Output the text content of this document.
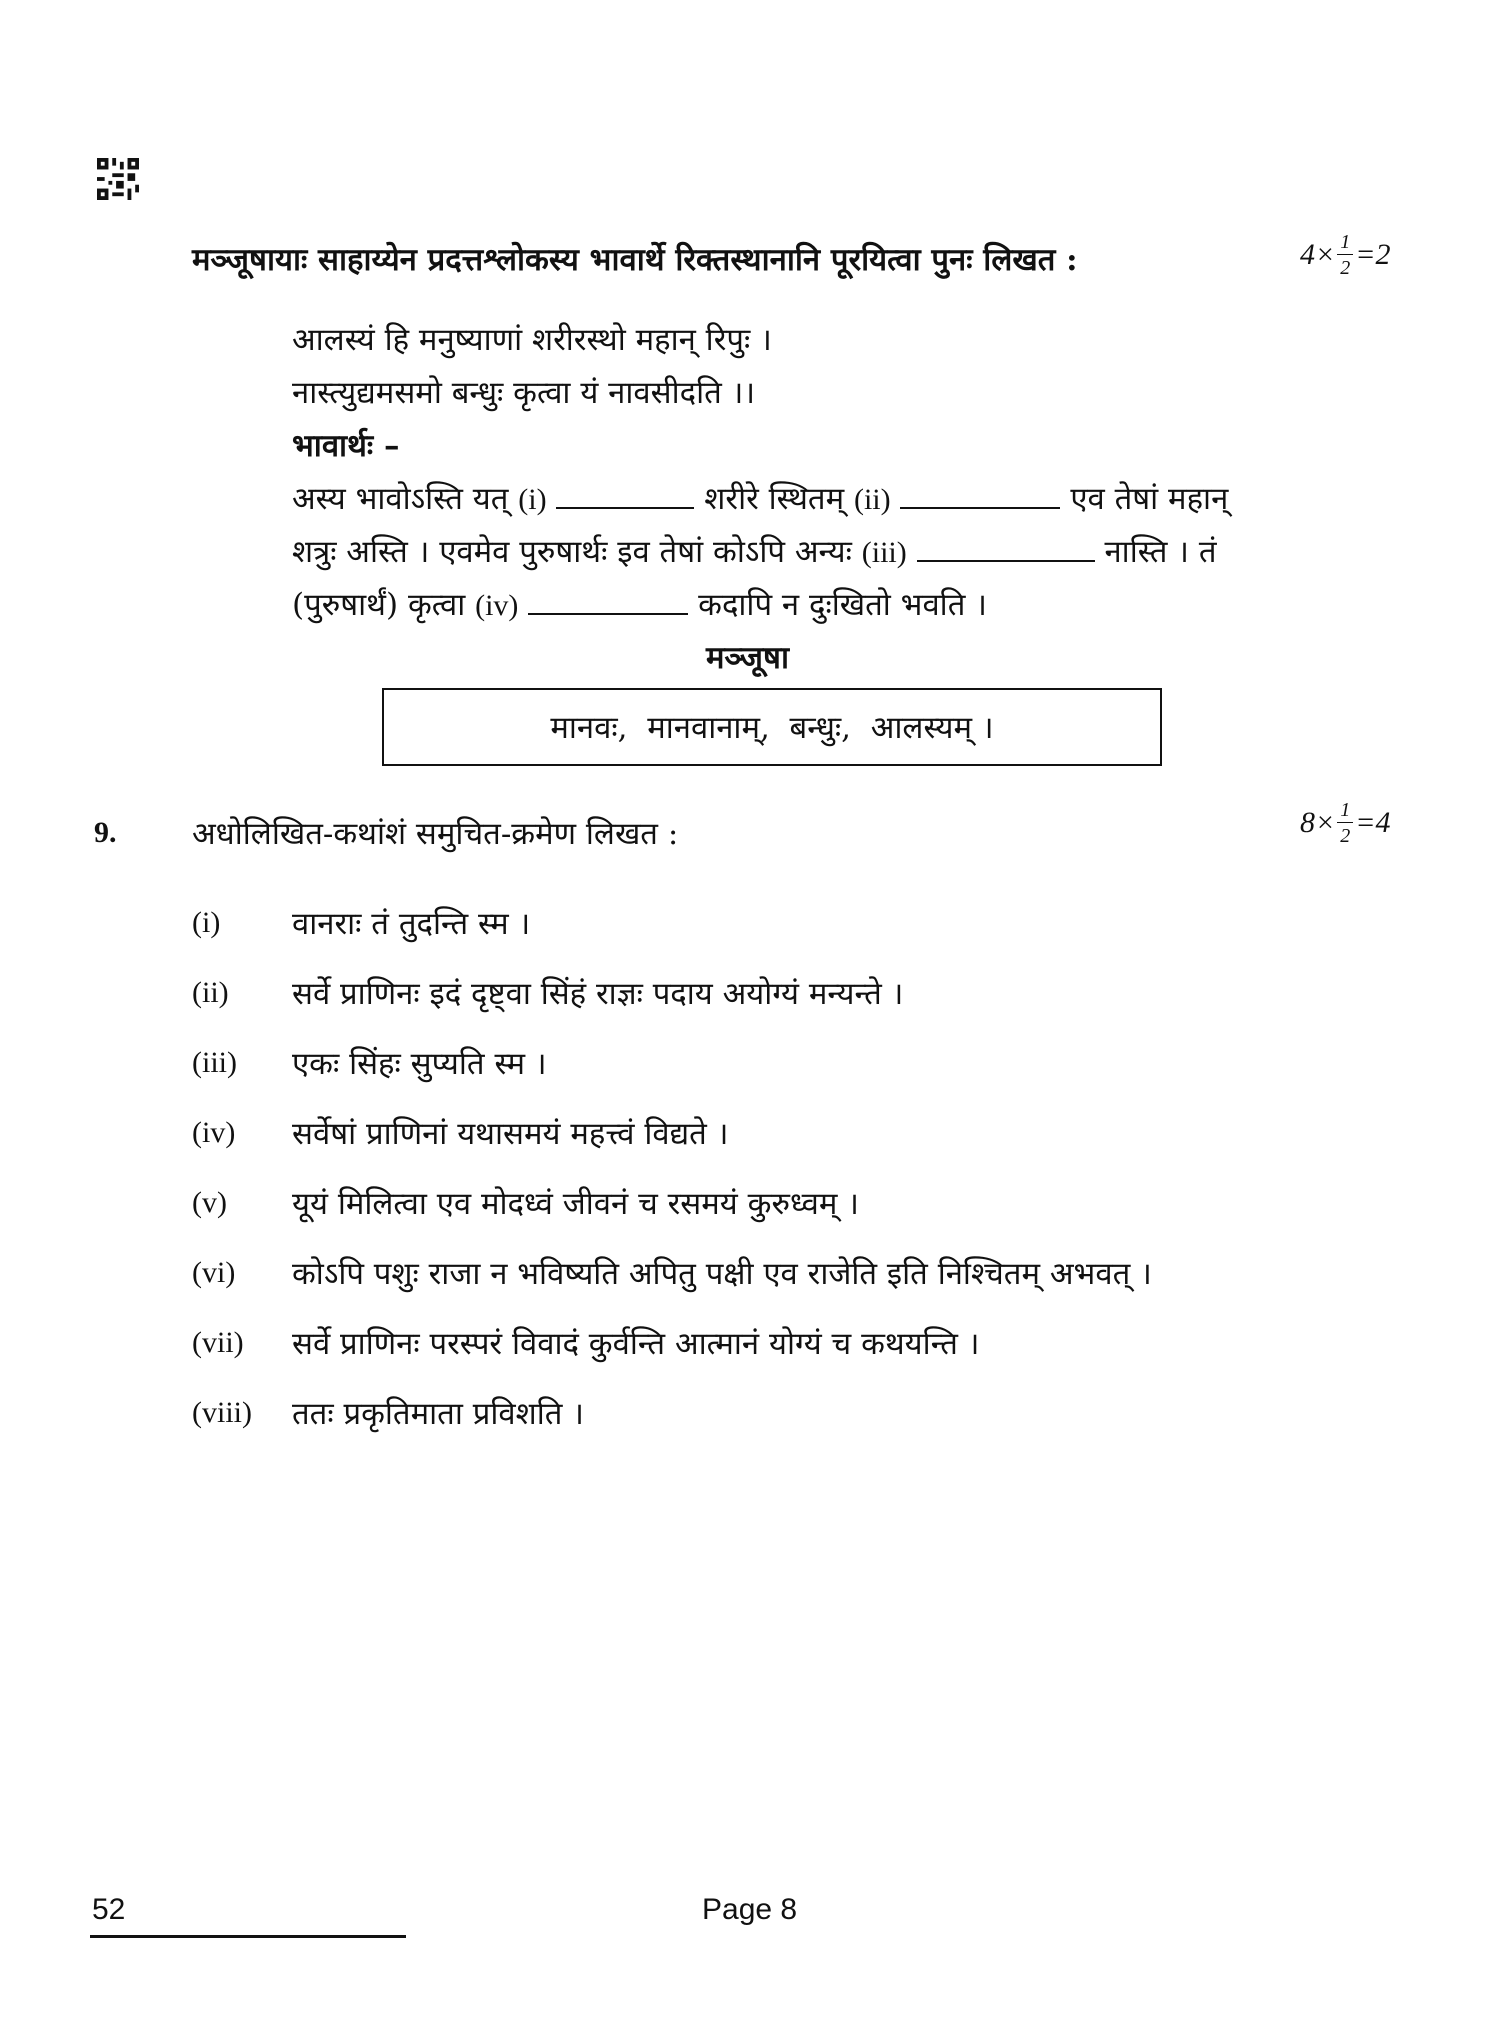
मञ्जूषायाः साहाय्येन प्रदत्तश्लोकस्य भावार्थे रिक्तस्थानानि पूरयित्वा पुनः लिखत :	$4\times \frac{1}{2} =2$
आलस्यं हि मनुष्याणां शरीरस्थो महान् रिपुः ।
नास्त्युद्यमसमो बन्धुः कृत्वा यं नावसीदति ।।
भावार्थः –
अस्य भावोऽस्ति यत् (i)	शरीरे स्थितम् (ii)	एव तेषां महान्
शत्रुः अस्ति । एवमेव पुरुषार्थः इव तेषां कोऽपि अन्यः (iii)	नास्ति । तं
(पुरुषार्थं) कृत्वा (iv)	कदापि न दुःखितो भवति ।
मञ्जूषा
मानवः,  मानवानाम्,  बन्धुः,  आलस्यम् ।
9. अधोलिखित-कथांशं समुचित-क्रमेण लिखत :	$8\times \frac{1}{2} =4$
(i) वानराः तं तुदन्ति स्म ।
(ii) सर्वे प्राणिनः इदं दृष्ट्वा सिंहं राज्ञः पदाय अयोग्यं मन्यन्ते ।
(iii) एकः सिंहः सुप्यति स्म ।
(iv) सर्वेषां प्राणिनां यथासमयं महत्त्वं विद्यते ।
(v) यूयं मिलित्वा एव मोदध्वं जीवनं च रसमयं कुरुध्वम् ।
(vi) कोऽपि पशुः राजा न भविष्यति अपितु पक्षी एव राजेति इति निश्चितम् अभवत् ।
(vii) सर्वे प्राणिनः परस्परं विवादं कुर्वन्ति आत्मानं योग्यं च कथयन्ति ।
(viii) ततः प्रकृतिमाता प्रविशति ।
52	Page 8
